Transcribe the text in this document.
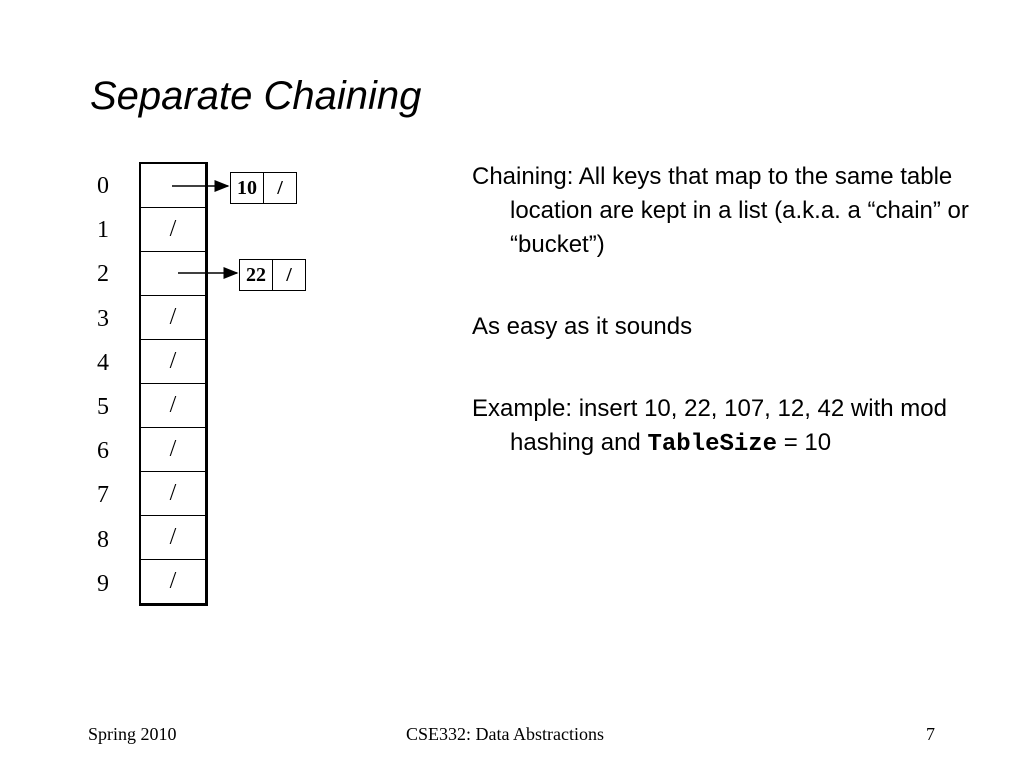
Separate Chaining
0
1
2
3
4
5
6
7
8
9
/
/
/
/
/
/
/
/
10	/
22	/

Chaining: All keys that map to the same table location are kept in a list (a.k.a. a “chain” or “bucket”)

As easy as it sounds

Example: insert 10, 22, 107, 12, 42 with mod hashing and TableSize = 10

Spring 2010	CSE332: Data Abstractions	7
